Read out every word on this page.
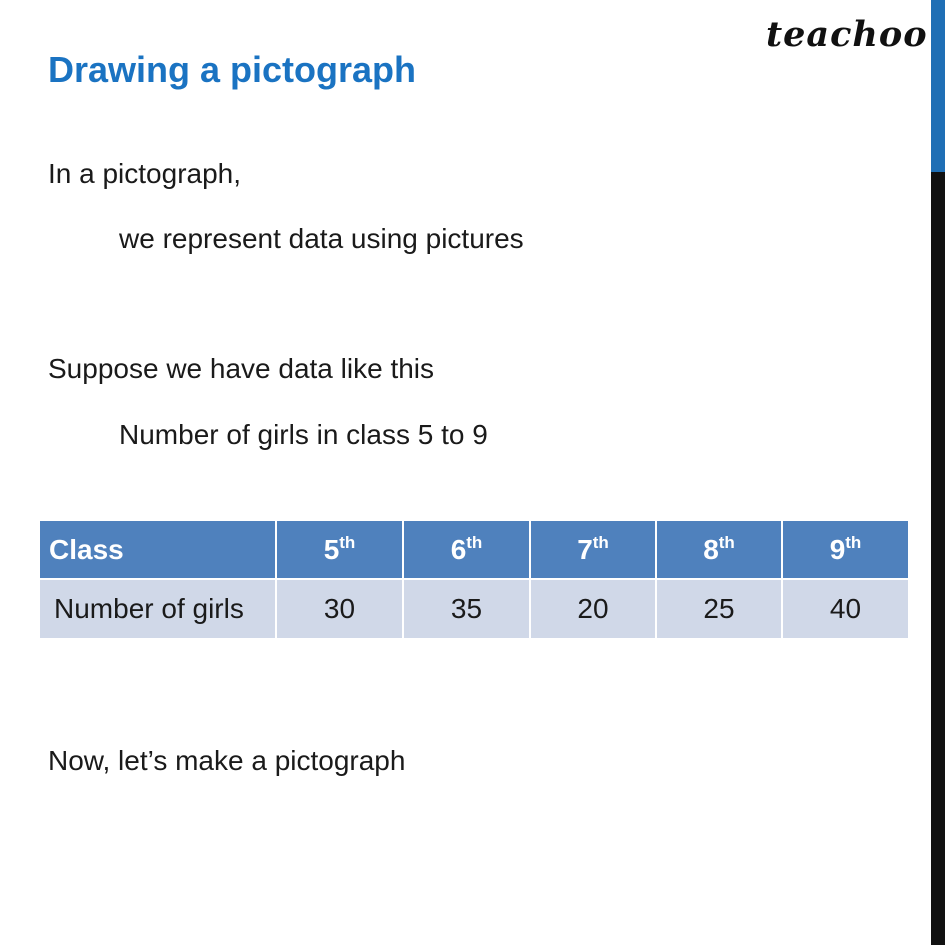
teachoo
Drawing a pictograph
In a pictograph,
we represent data using pictures
Suppose we have data like this
Number of girls in class 5 to 9
Class	5th	6th	7th	8th	9th
Number of girls	30	35	20	25	40
Now, let’s make a pictograph
